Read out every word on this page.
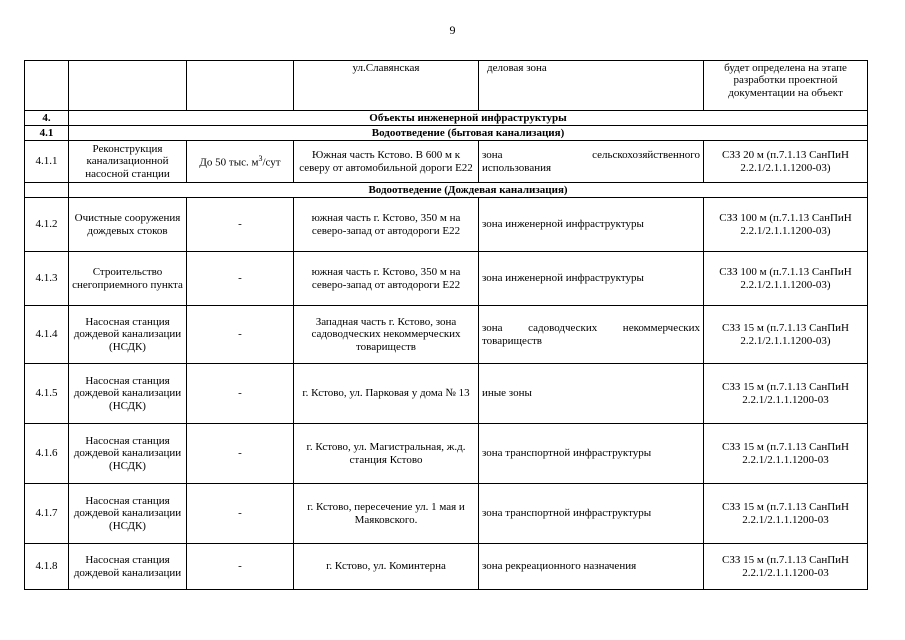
9
			ул.Славянская	деловая зона	будет определена на этапе разработки проектной документации на объект
4.	Объекты инженерной инфраструктуры				
4.1	Водоотведение (бытовая канализация)				
4.1.1	Реконструкция канализационной насосной станции	До 50 тыс. $м^3$/сут	Южная часть Кстово. В 600 м к северу от автомобильной дороги Е22	зона сельскохозяйственного использования	СЗЗ 20 м (п.7.1.13 СанПиН 2.2.1/2.1.1.1200-03)
	Водоотведение (Дождевая канализация)				
4.1.2	Очистные сооружения дождевых стоков	-	южная часть г. Кстово, 350 м на северо-запад от автодороги Е22	зона инженерной инфраструктуры	СЗЗ 100 м (п.7.1.13 СанПиН 2.2.1/2.1.1.1200-03)
4.1.3	Строительство снегоприемного пункта	-	южная часть г. Кстово, 350 м на северо-запад от автодороги Е22	зона инженерной инфраструктуры	СЗЗ 100 м (п.7.1.13 СанПиН 2.2.1/2.1.1.1200-03)
4.1.4	Насосная станция дождевой канализации (НСДК)	-	Западная часть г. Кстово, зона садоводческих некоммерческих товариществ	зона садоводческих некоммерческих товариществ	СЗЗ 15 м (п.7.1.13 СанПиН 2.2.1/2.1.1.1200-03)
4.1.5	Насосная станция дождевой канализации (НСДК)	-	г. Кстово, ул. Парковая у дома № 13	иные зоны	СЗЗ 15 м (п.7.1.13 СанПиН 2.2.1/2.1.1.1200-03
4.1.6	Насосная станция дождевой канализации (НСДК)	-	г. Кстово, ул. Магистральная, ж.д. станция Кстово	зона транспортной инфраструктуры	СЗЗ 15 м (п.7.1.13 СанПиН 2.2.1/2.1.1.1200-03
4.1.7	Насосная станция дождевой канализации (НСДК)	-	г. Кстово, пересечение ул. 1 мая и Маяковского.	зона транспортной инфраструктуры	СЗЗ 15 м (п.7.1.13 СанПиН 2.2.1/2.1.1.1200-03
4.1.8	Насосная станция дождевой канализации	-	г. Кстово, ул. Коминтерна	зона рекреационного назначения	СЗЗ 15 м (п.7.1.13 СанПиН 2.2.1/2.1.1.1200-03
